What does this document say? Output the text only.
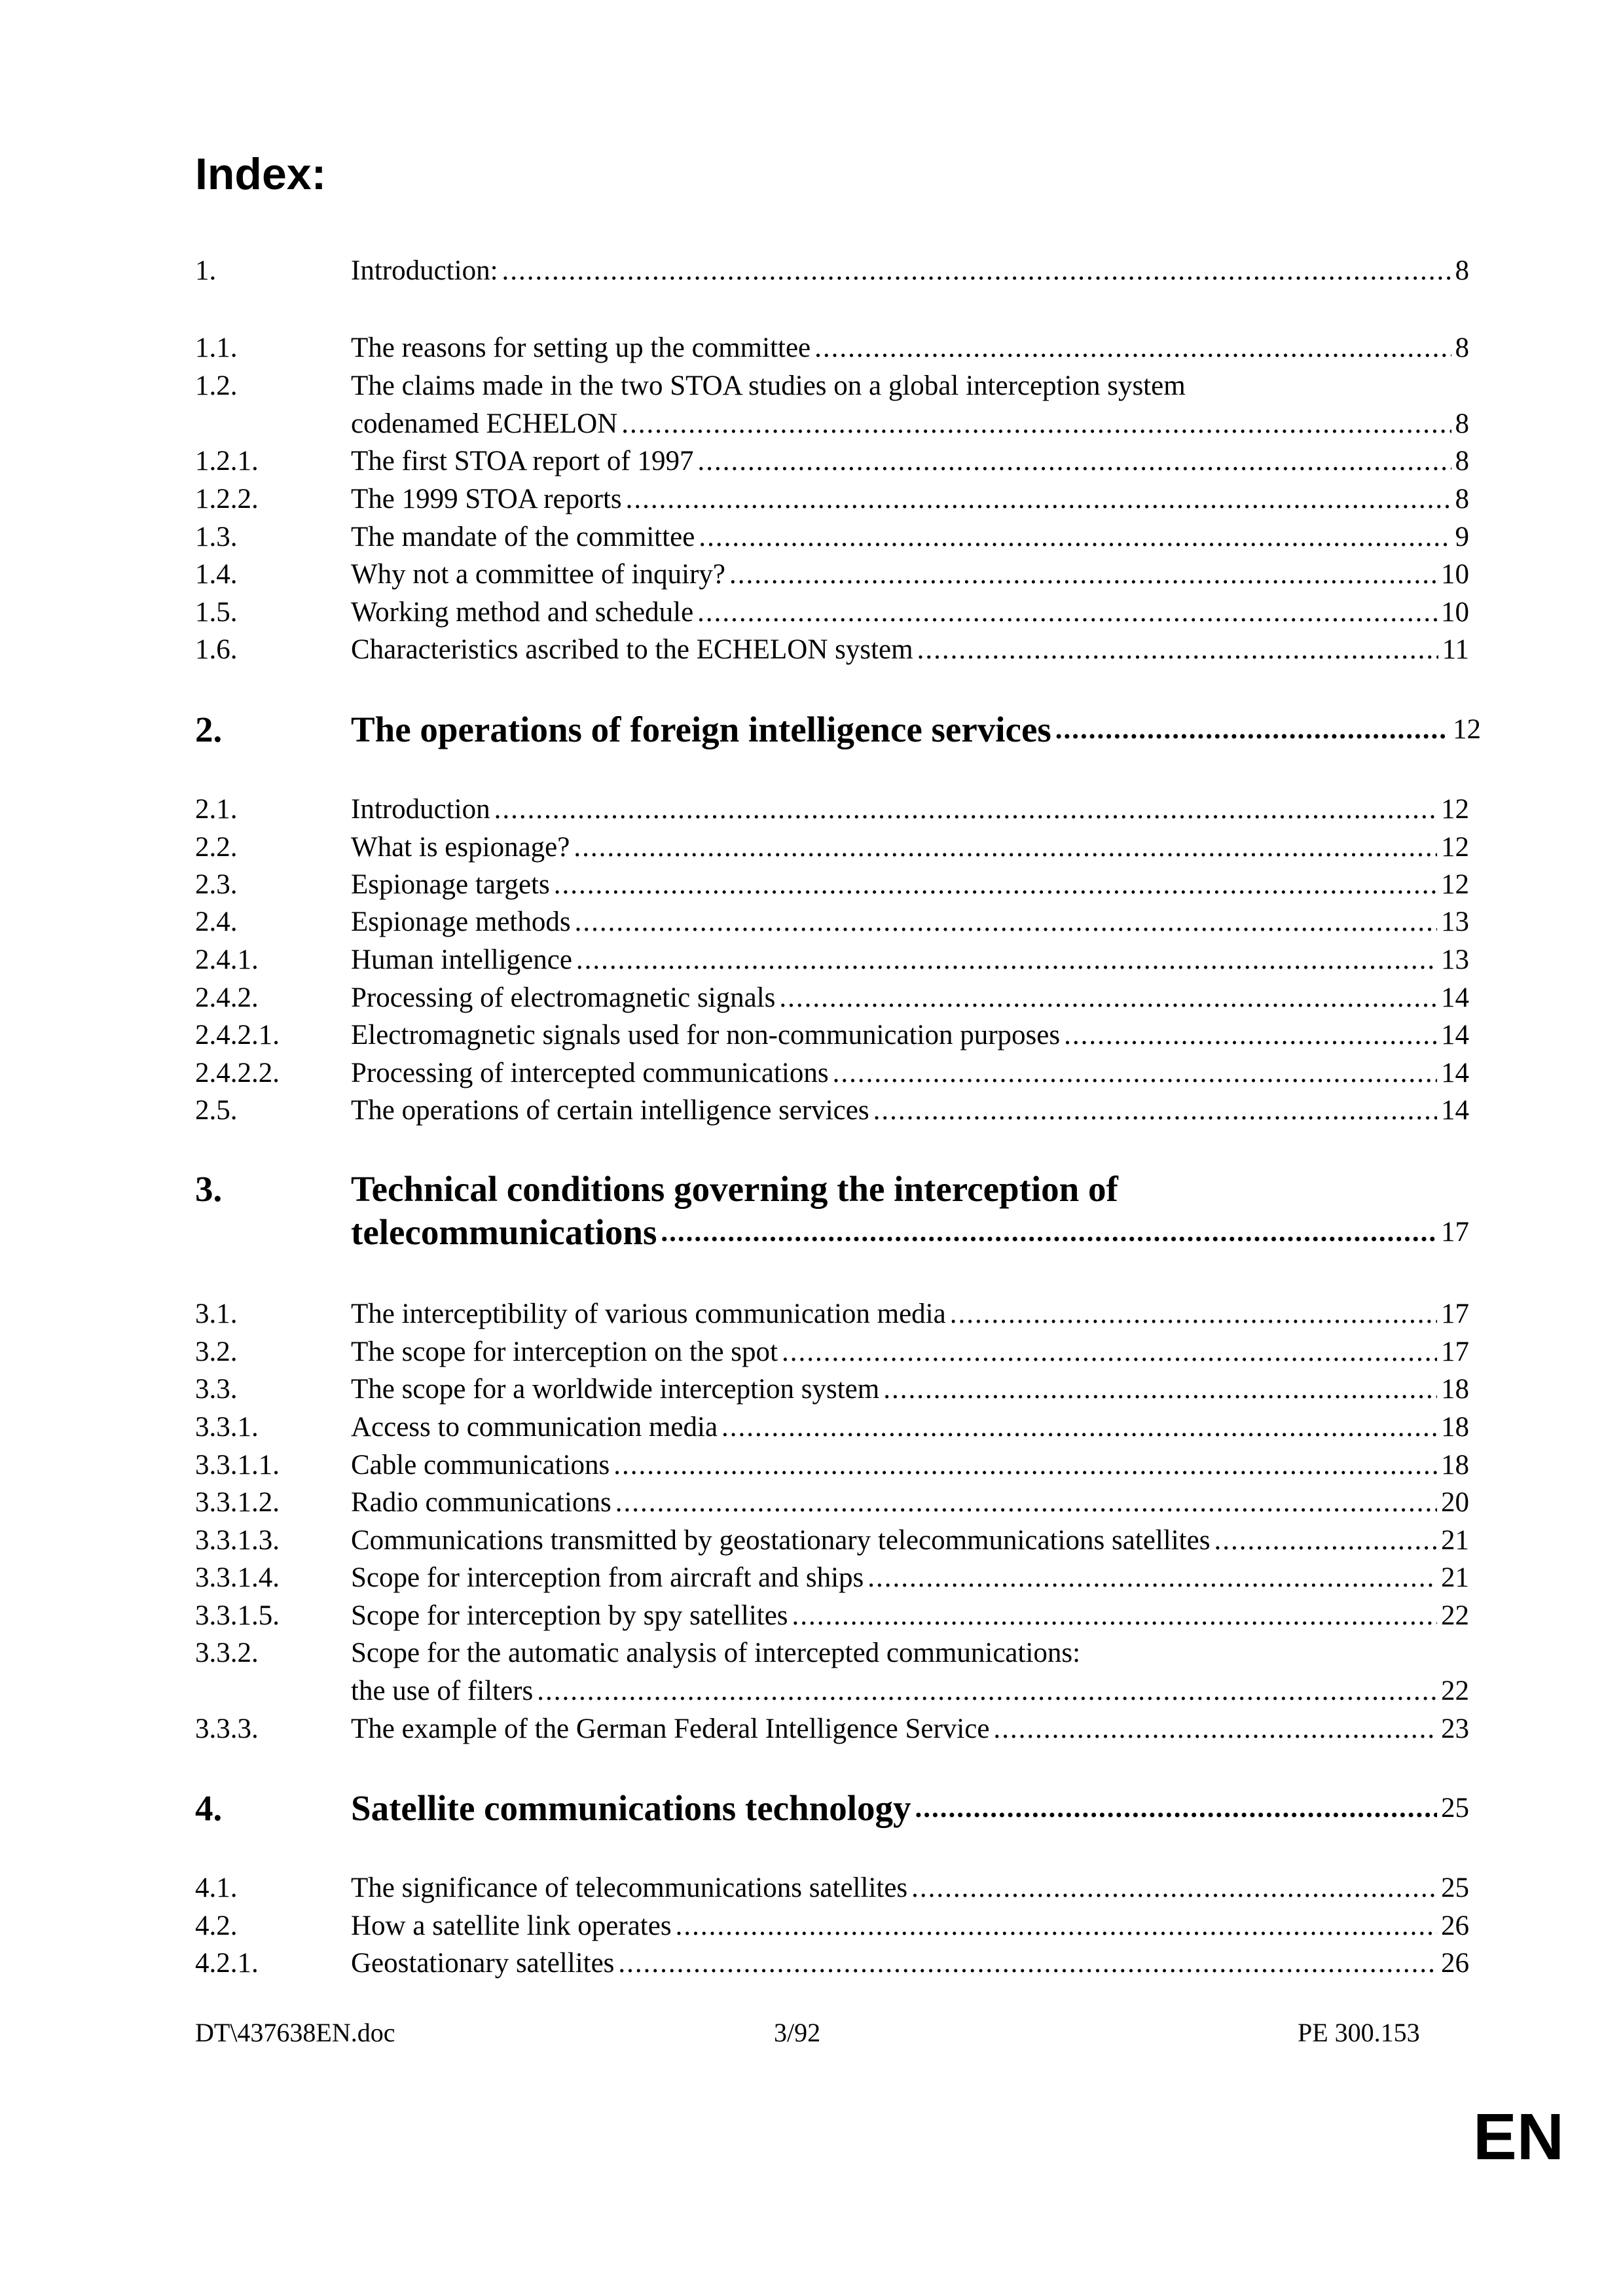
Index:
1.	Introduction: .....	8
1.1.	The reasons for setting up the committee .....	8
1.2.	The claims made in the two STOA studies on a global interception system
codenamed ECHELON .....	8
1.2.1.	The first STOA report of 1997 .....	8
1.2.2.	The 1999 STOA reports .....	8
1.3.	The mandate of the committee .....	9
1.4.	Why not a committee of inquiry? .....	10
1.5.	Working method and schedule .....	10
1.6.	Characteristics ascribed to the ECHELON system .....	11
2.	The operations of foreign intelligence services .....	12
2.1.	Introduction .....	12
2.2.	What is espionage? .....	12
2.3.	Espionage targets .....	12
2.4.	Espionage methods .....	13
2.4.1.	Human intelligence .....	13
2.4.2.	Processing of electromagnetic signals .....	14
2.4.2.1.	Electromagnetic signals used for non-communication purposes .....	14
2.4.2.2.	Processing of intercepted communications .....	14
2.5.	The operations of certain intelligence services .....	14
3.	Technical conditions governing the interception of
telecommunications .....	17
3.1.	The interceptibility of various communication media .....	17
3.2.	The scope for interception on the spot .....	17
3.3.	The scope for a worldwide interception system .....	18
3.3.1.	Access to communication media .....	18
3.3.1.1.	Cable communications .....	18
3.3.1.2.	Radio communications .....	20
3.3.1.3.	Communications transmitted by geostationary telecommunications satellites .....	21
3.3.1.4.	Scope for interception from aircraft and ships .....	21
3.3.1.5.	Scope for interception by spy satellites .....	22
3.3.2.	Scope for the automatic analysis of intercepted communications:
the use of filters .....	22
3.3.3.	The example of the German Federal Intelligence Service .....	23
4.	Satellite communications technology .....	25
4.1.	The significance of telecommunications satellites .....	25
4.2.	How a satellite link operates .....	26
4.2.1.	Geostationary satellites .....	26
DT\437638EN.doc	3/92	PE 300.153
EN
